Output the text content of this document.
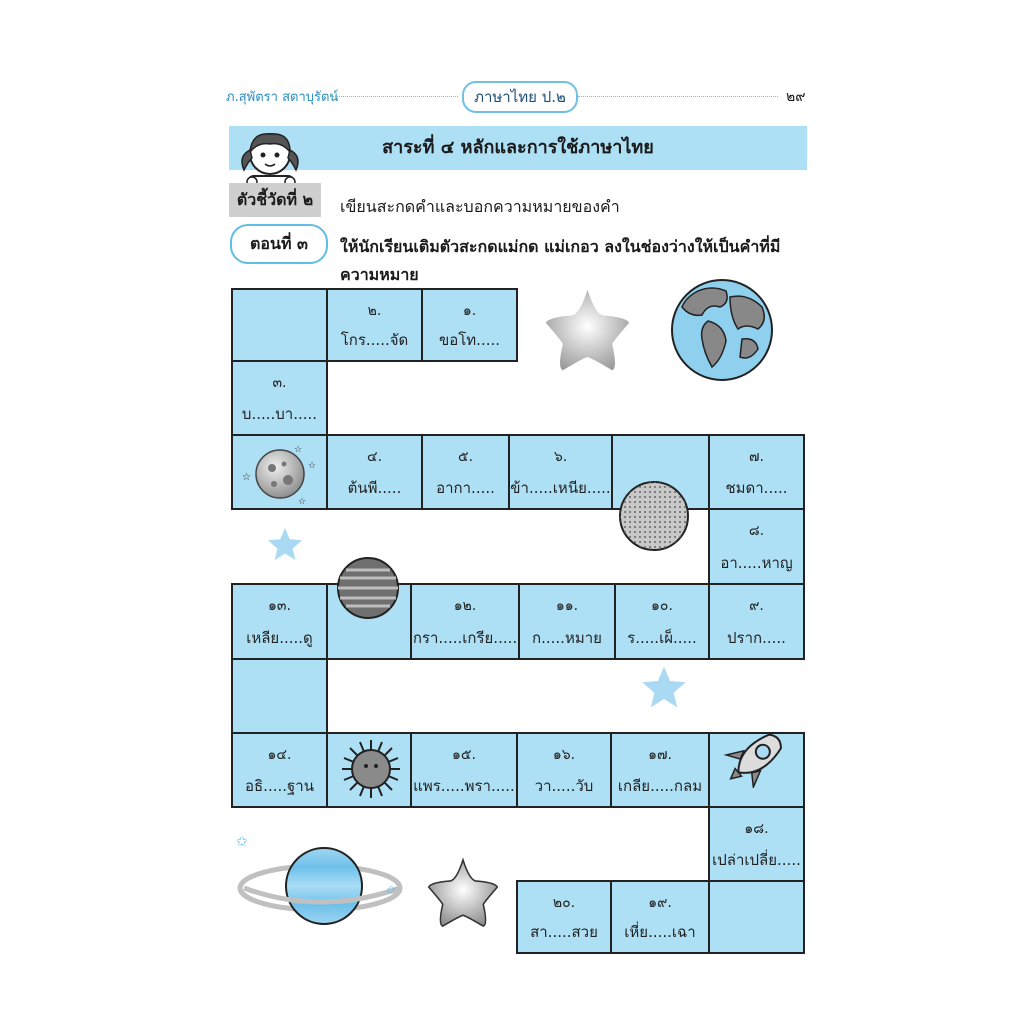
ภ.สุพัตรา สตาบุรัตน์	ภาษาไทย ป.๒	๒๙
สาระที่ ๔ หลักและการใช้ภาษาไทย
ตัวชี้วัดที่ ๒	เขียนสะกดคำและบอกความหมายของคำ
ตอนที่ ๓	ให้นักเรียนเติมตัวสะกดแม่กด แม่เกอว ลงในช่องว่างให้เป็นคำที่มีความหมาย
๒.
โกร.....จัด
๑.
ขอโท.....
๓.
บ.....บา.....
๔.
ต้นพี.....
๕.
อากา.....
๖.
ข้า.....เหนีย.....
๗.
ชมดา.....
๘.
อา.....หาญ
๑๓.
เหลีย.....ดู
๑๒.
กรา.....เกรีย.....
๑๑.
ก.....หมาย
๑๐.
ร.....เผ็.....
๙.
ปราก.....
๑๔.
อธิ.....ฐาน
๑๕.
แพร.....พรา.....
๑๖.
วา.....วับ
๑๗.
เกลีย.....กลม
๑๘.
เปล่าเปลี่ย.....
๒๐.
สา.....สวย
๑๙.
เหี่ย.....เฉา
☆
☆
☆
☆
✩
✩
